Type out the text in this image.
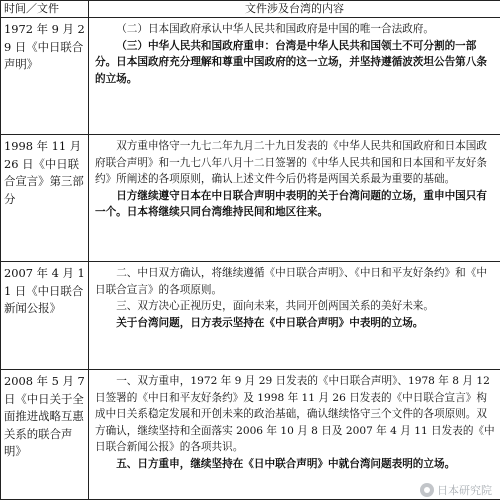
时间／文件	文件涉及台湾的内容
1972 年 9 月 29 日《中日联合声明》	（二）日本国政府承认中华人民共和国政府是中国的唯一合法政府。

（三）中华人民共和国政府重申：台湾是中华人民共和国领土不可分割的一部分。日本国政府充分理解和尊重中国政府的这一立场，并坚持遵循波茨坦公告第八条的立场。

1998 年 11 月 26 日《中日联合宣言》第三部分	双方重申恪守一九七二年九月二十九日发表的《中华人民共和国政府和日本国政府联合声明》和一九七八年八月十二日签署的《中华人民共和国和日本国和平友好条约》所阐述的各项原则，确认上述文件今后仍将是两国关系最为重要的基础。

日方继续遵守日本在中日联合声明中表明的关于台湾问题的立场，重申中国只有一个。日本将继续只同台湾维持民间和地区往来。

2007 年 4 月 11 日《中日联合新闻公报》	二、中日双方确认，将继续遵循《中日联合声明》、《中日和平友好条约》和《中日联合宣言》的各项原则。

三、双方决心正视历史，面向未来，共同开创两国关系的美好未来。

关于台湾问题，日方表示坚持在《中日联合声明》中表明的立场。

2008 年 5 月 7 日《中日关于全面推进战略互惠关系的联合声明》	一、双方重申，1972 年 9 月 29 日发表的《中日联合声明》、1978 年 8 月 12 日签署的《中日和平友好条约》及 1998 年 11 月 26 日发表的《中日联合宣言》构成中日关系稳定发展和开创未来的政治基础，确认继续恪守三个文件的各项原则。双方确认，继续坚持和全面落实 2006 年 10 月 8 日及 2007 年 4 月 11 日发表的《中日联合新闻公报》的各项共识。

五、日方重申，继续坚持在《日中联合声明》中就台湾问题表明的立场。

日本研究院
